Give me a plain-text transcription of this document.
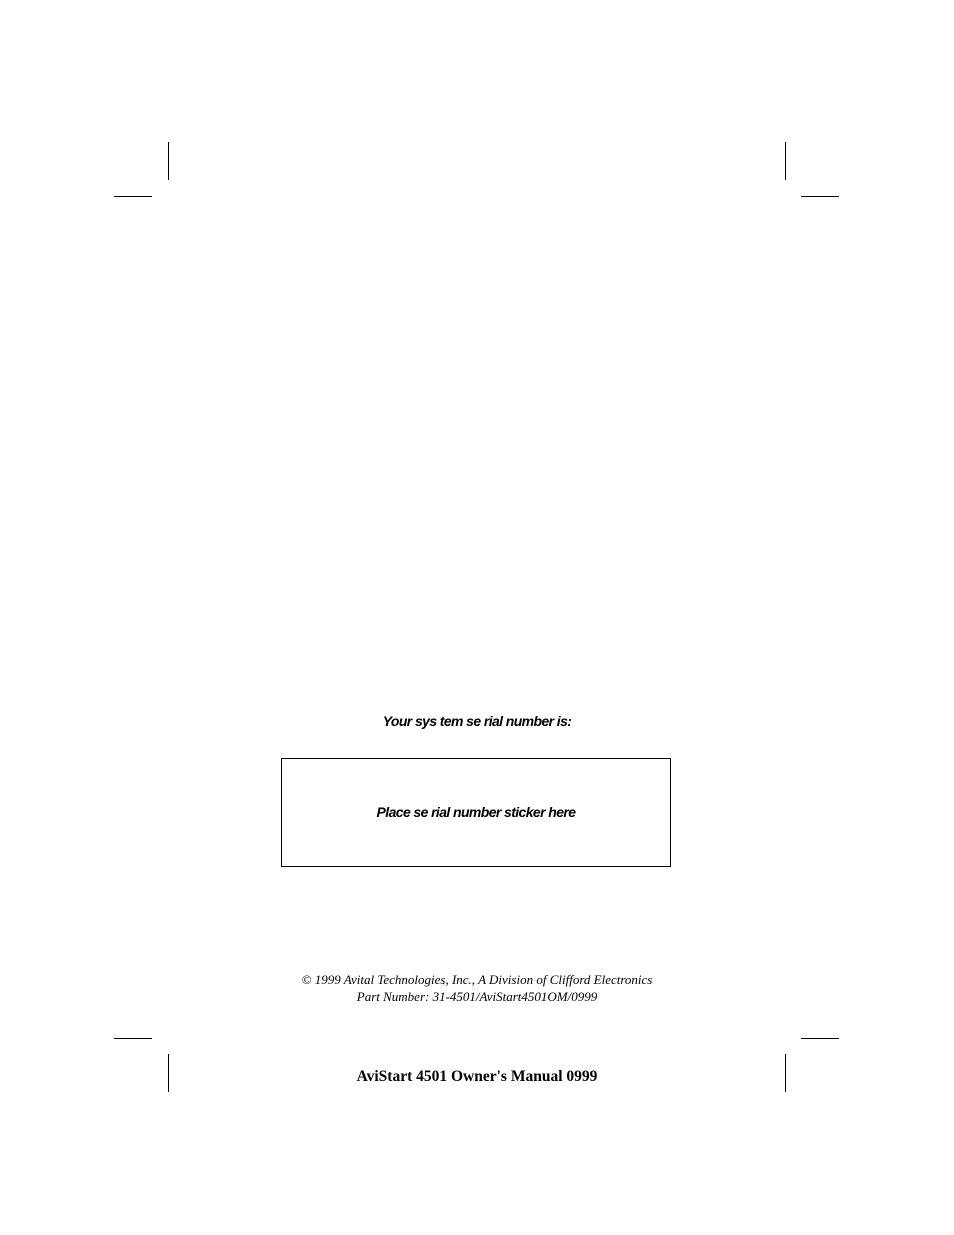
Your sys tem se rial number is:
Place se rial number sticker here
© 1999 Avital Technologies, Inc., A Division of Clifford Electronics
Part Number: 31-4501/AviStart4501OM/0999
AviStart 4501 Owner's Manual 0999
